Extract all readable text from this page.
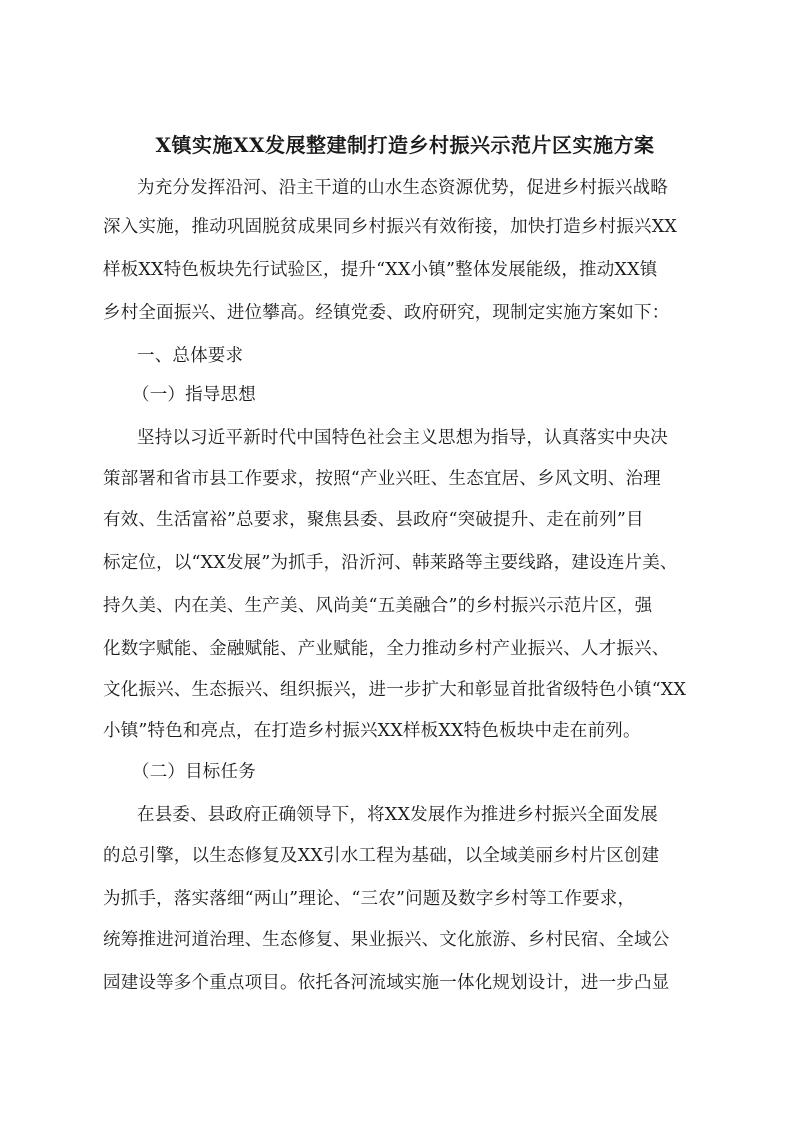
X镇实施XX发展整建制打造乡村振兴示范片区实施方案
为充分发挥沿河、沿主干道的山水生态资源优势，促进乡村振兴战略
深入实施，推动巩固脱贫成果同乡村振兴有效衔接，加快打造乡村振兴XX
样板XX特色板块先行试验区，提升“XX小镇”整体发展能级，推动XX镇
乡村全面振兴、进位攀高。经镇党委、政府研究，现制定实施方案如下：
一、总体要求
（一）指导思想
坚持以习近平新时代中国特色社会主义思想为指导，认真落实中央决
策部署和省市县工作要求，按照“产业兴旺、生态宜居、乡风文明、治理
有效、生活富裕”总要求，聚焦县委、县政府“突破提升、走在前列”目
标定位，以“XX发展”为抓手，沿沂河、韩莱路等主要线路，建设连片美、
持久美、内在美、生产美、风尚美“五美融合”的乡村振兴示范片区，强
化数字赋能、金融赋能、产业赋能，全力推动乡村产业振兴、人才振兴、
文化振兴、生态振兴、组织振兴，进一步扩大和彰显首批省级特色小镇“XX
小镇”特色和亮点，在打造乡村振兴XX样板XX特色板块中走在前列。
（二）目标任务
在县委、县政府正确领导下，将XX发展作为推进乡村振兴全面发展
的总引擎，以生态修复及XX引水工程为基础，以全域美丽乡村片区创建
为抓手，落实落细“两山”理论、“三农”问题及数字乡村等工作要求，
统筹推进河道治理、生态修复、果业振兴、文化旅游、乡村民宿、全域公
园建设等多个重点项目。依托各河流域实施一体化规划设计，进一步凸显
